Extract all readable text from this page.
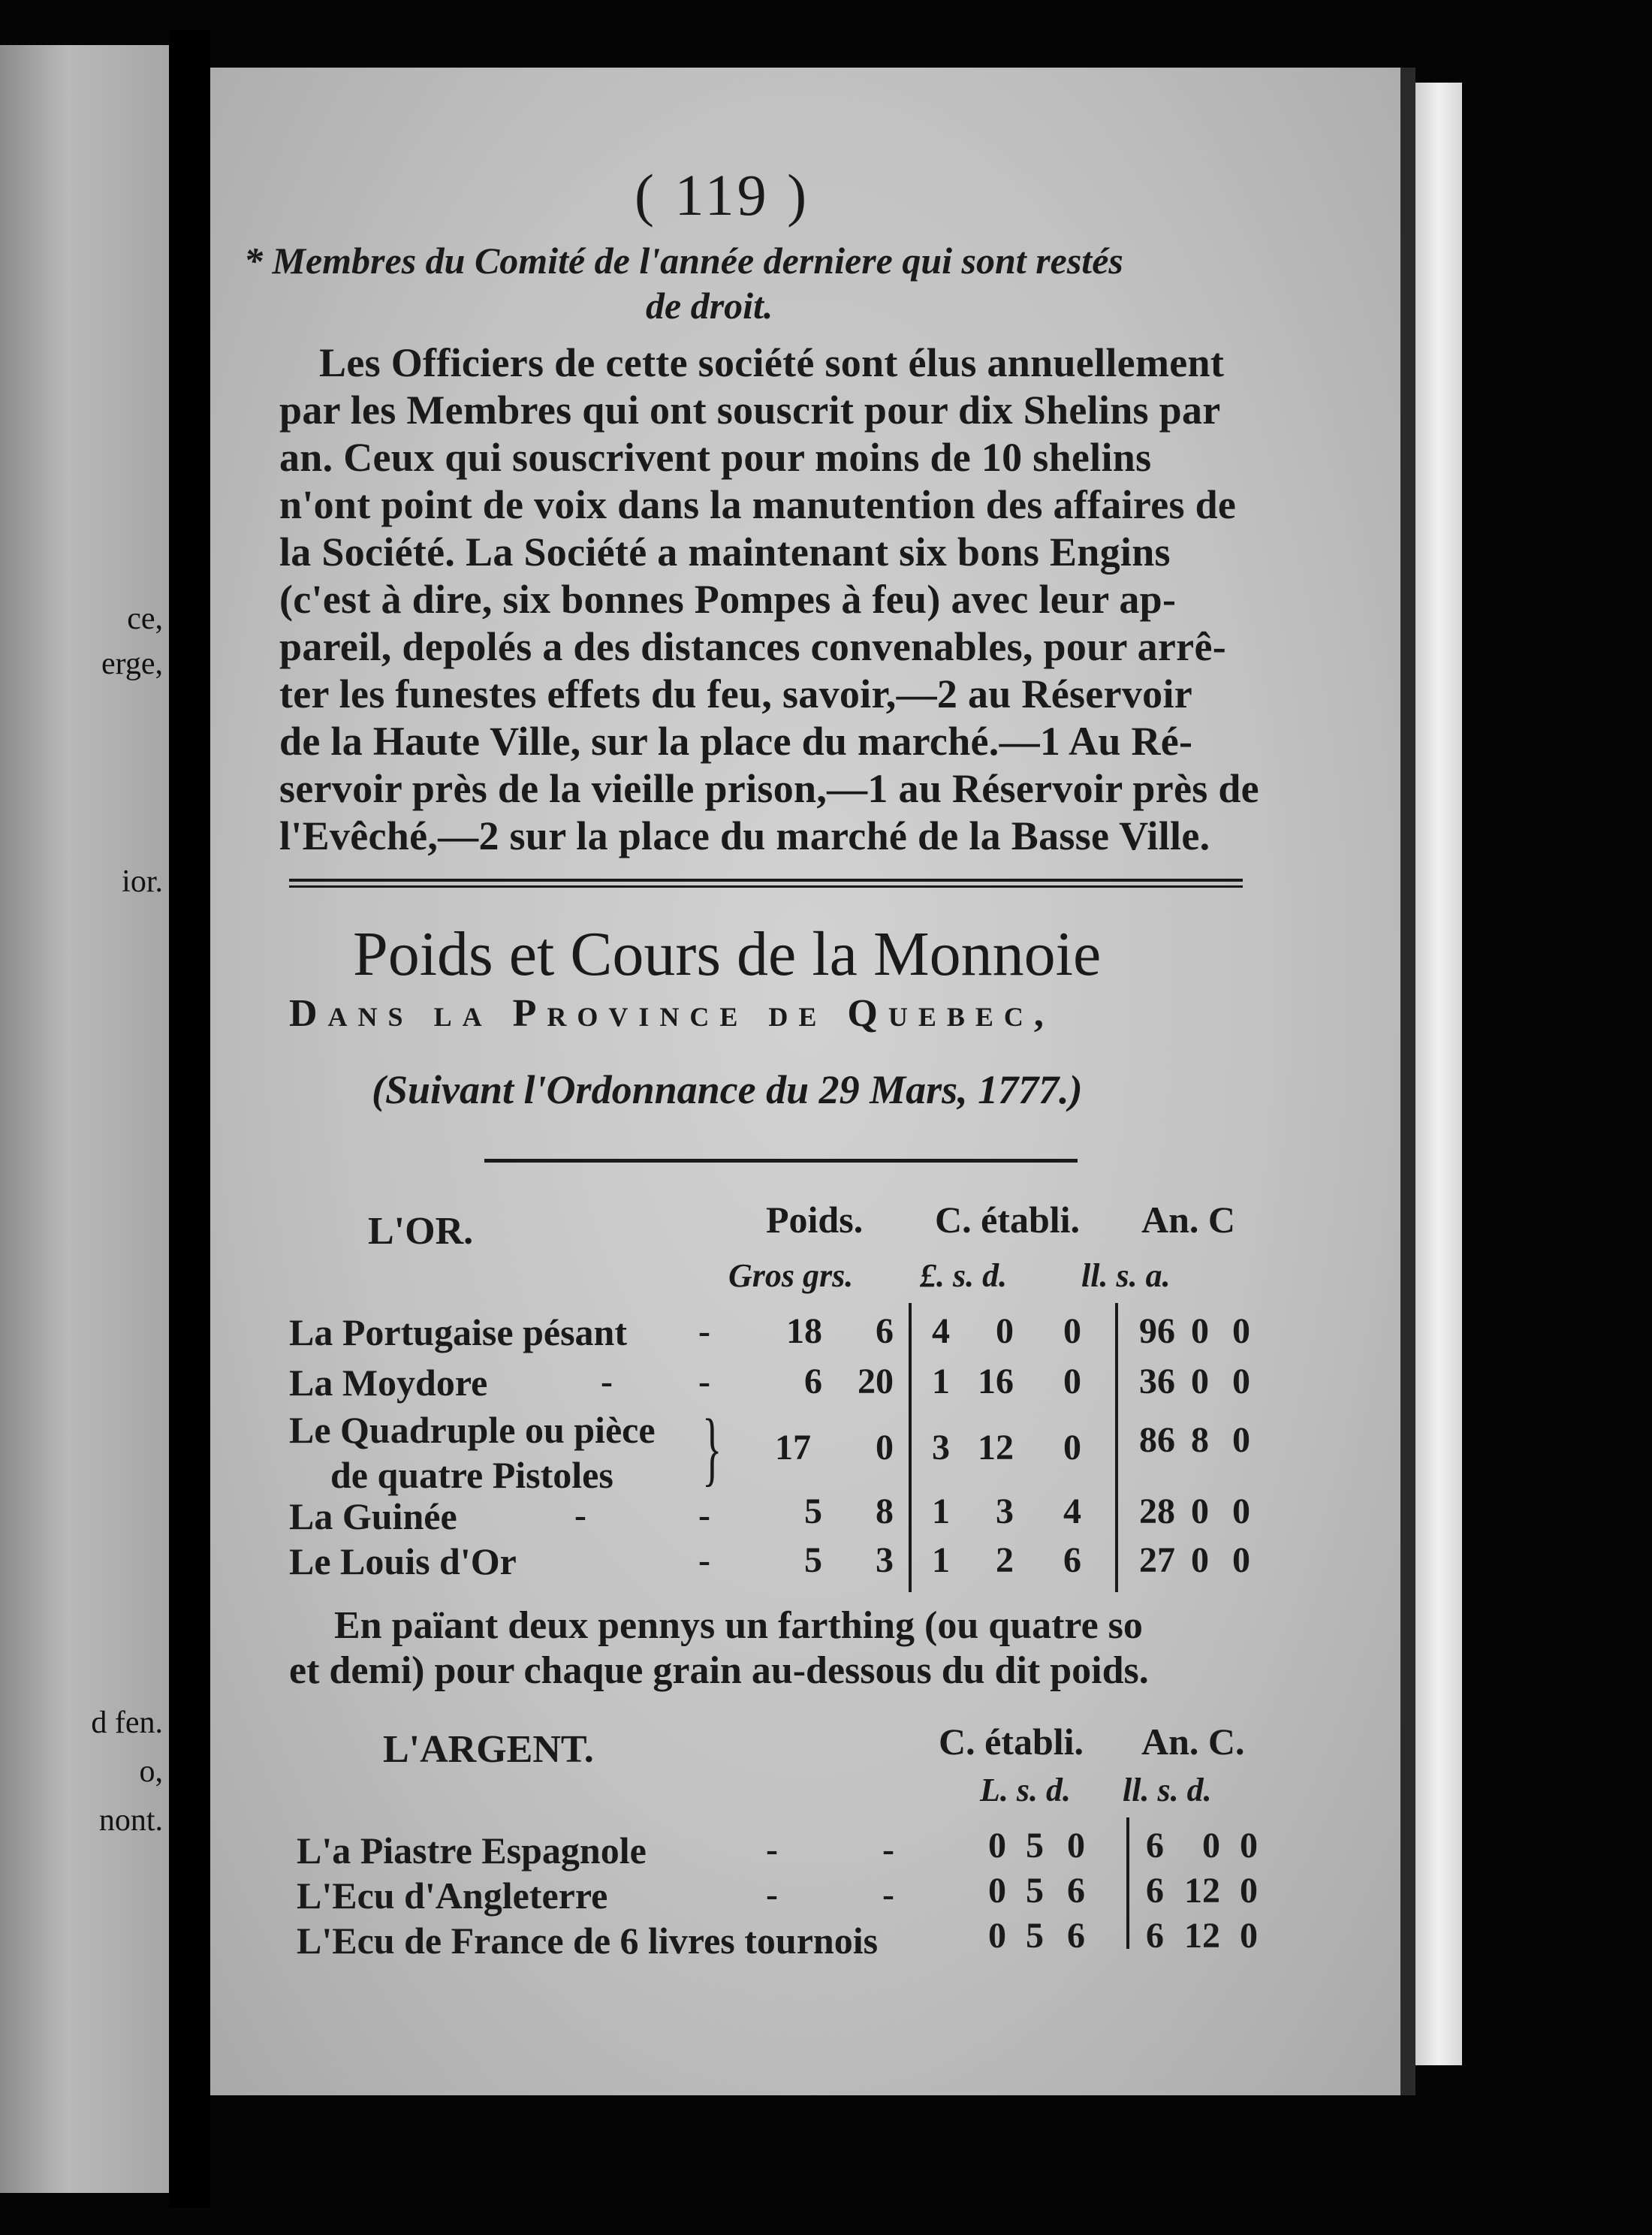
ce,
erge,
ior.
d fen.
o,
nont.
( 119 )
* Membres du Comité de l'année derniere qui sont restés
de droit.
Les Officiers de cette société sont élus annuellement
par les Membres qui ont souscrit pour dix Shelins par
an. Ceux qui souscrivent pour moins de 10 shelins
n'ont point de voix dans la manutention des affaires de
la Société. La Société a maintenant six bons Engins
(c'est à dire, six bonnes Pompes à feu) avec leur ap-
pareil, depolés a des distances convenables, pour arrê-
ter les funestes effets du feu, savoir,—2 au Réservoir
de la Haute Ville, sur la place du marché.—1 Au Ré-
servoir près de la vieille prison,—1 au Réservoir près de
l'Evêché,—2 sur la place du marché de la Basse Ville.
Poids et Cours de la Monnoie
Dans la Province de Quebec,
(Suivant l'Ordonnance du 29 Mars, 1777.)
L'OR.	Poids. C. établi. An. C
Gros grs. £. s. d. ll. s. a.
La Portugaise pésant -	18	6	4	0	0	96 0 0
La Moydore	- -	6 20	1 16	0	36 0 0
Le Quadruple ou pièce
de quatre Pistoles }	17	0	3 12	0	86 8 0
La Guinée	-	-	5	8	1	3	4	28 0 0
Le Louis d'Or	-	5	3	1	2	6	27 0 0
En païant deux pennys un farthing (ou quatre so
et demi) pour chaque grain au-dessous du dit poids.
L'ARGENT.	C. établi. An. C.
L. s. d. ll. s. d.
L'a Piastre Espagnole	-	-	0 5 0	6	0 0
L'Ecu d'Angleterre	-	-	0 5 6	6 12 0
L'Ecu de France de 6 livres tournois	0 5 6	6 12 0
